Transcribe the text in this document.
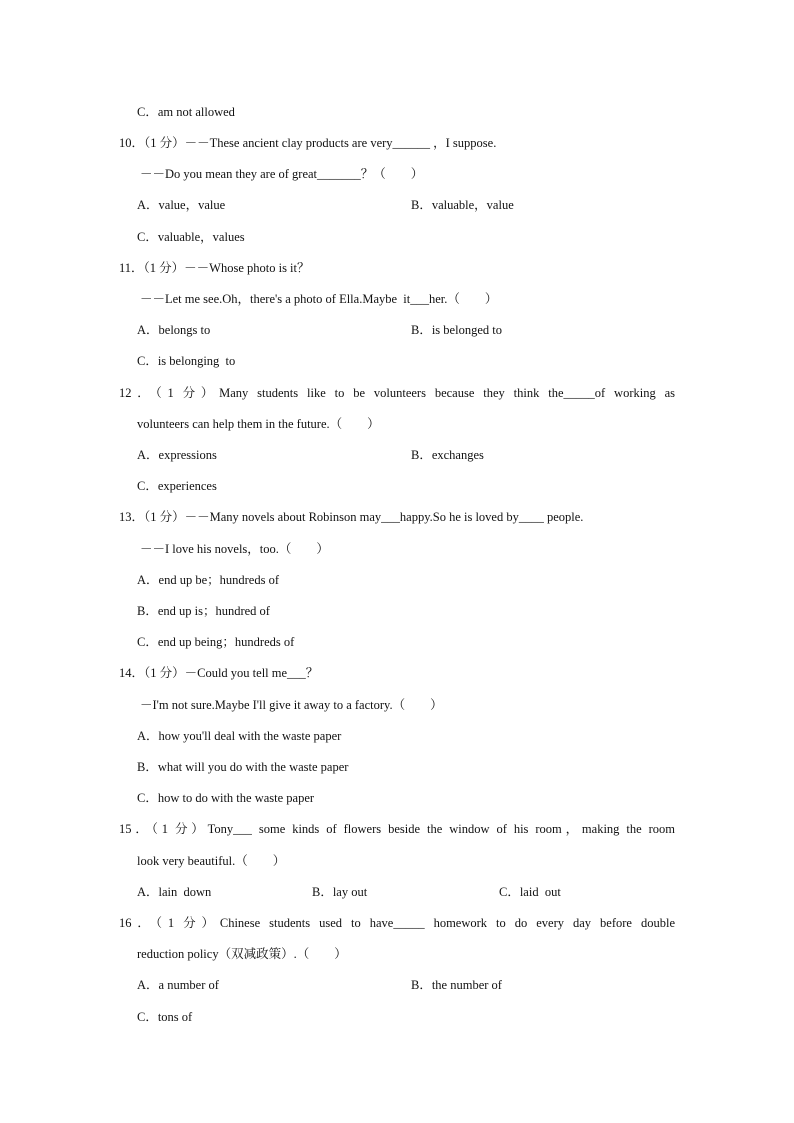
C．am not allowed
10．（1 分）－－These ancient clay products are very______ ，I suppose.
－－Do you mean they are of great_______？（　　）
A．value，value	B．valuable，value
C．valuable，values
11．（1 分）－－Whose photo is it？
－－Let me see.Oh，there's a photo of Ella.Maybe  it___her.（　　）
A．belongs to	B．is belonged to
C．is belonging  to
12．（1 分）Many students like to be volunteers because they think the_____of working as
volunteers can help them in the future.（　　）
A．expressions	B．exchanges
C．experiences
13．（1 分）－－Many novels about Robinson may___happy.So he is loved by____ people.
－－I love his novels，too.（　　）
A．end up be；hundreds of
B．end up is；hundred of
C．end up being；hundreds of
14．（1 分）－Could you tell me___？
－I'm not sure.Maybe I'll give it away to a factory.（　　）
A．how you'll deal with the waste paper
B．what will you do with the waste paper
C．how to do with the waste paper
15．（1 分）Tony___ some kinds of flowers beside the window of his room，making the room
look very beautiful.（　　）
A．lain  down	B．lay out	C．laid  out
16．（1 分）Chinese students used to have_____ homework to do every day before double
reduction policy（双减政策）.（　　）
A．a number of	B．the number of
C．tons of
